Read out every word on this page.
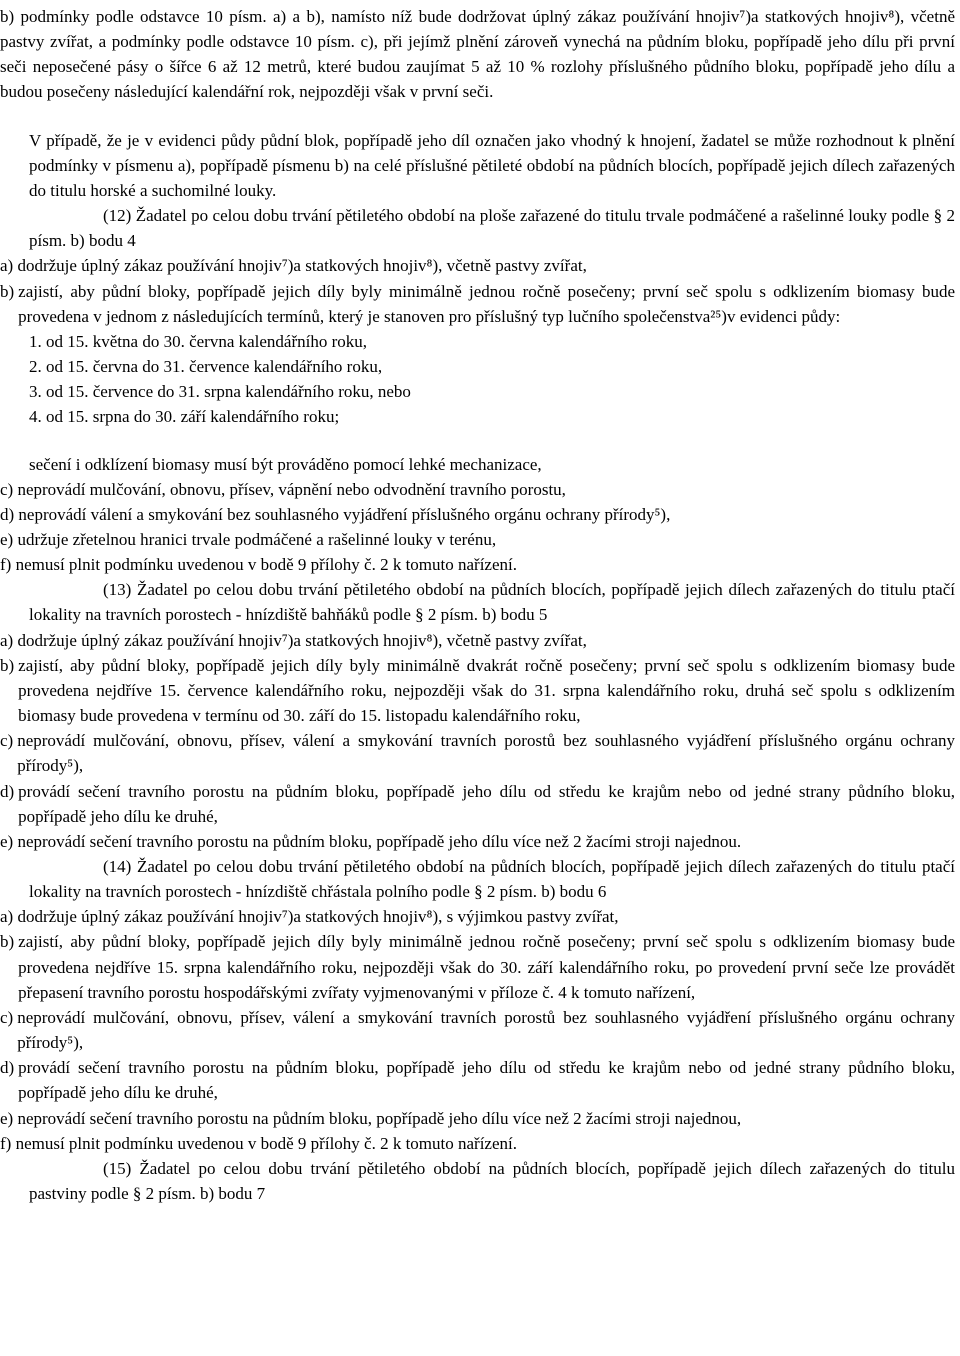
b) podmínky podle odstavce 10 písm. a) a b), namísto níž bude dodržovat úplný zákaz používání hnojiv⁷)a statkových hnojiv⁸), včetně pastvy zvířat, a podmínky podle odstavce 10 písm. c), při jejímž plnění zároveň vynechá na půdním bloku, popřípadě jeho dílu při první seči neposečené pásy o šířce 6 až 12 metrů, které budou zaujímat 5 až 10 % rozlohy příslušného půdního bloku, popřípadě jeho dílu a budou posečeny následující kalendářní rok, nejpozději však v první seči.

V případě, že je v evidenci půdy půdní blok, popřípadě jeho díl označen jako vhodný k hnojení, žadatel se může rozhodnout k plnění podmínky v písmenu a), popřípadě písmenu b) na celé příslušné pětileté období na půdních blocích, popřípadě jejich dílech zařazených do titulu horské a suchomilné louky.

(12) Žadatel po celou dobu trvání pětiletého období na ploše zařazené do titulu trvale podmáčené a rašelinné louky podle § 2 písm. b) bodu 4

a) dodržuje úplný zákaz používání hnojiv⁷)a statkových hnojiv⁸), včetně pastvy zvířat,

b) zajistí, aby půdní bloky, popřípadě jejich díly byly minimálně jednou ročně posečeny; první seč spolu s odklizením biomasy bude provedena v jednom z následujících termínů, který je stanoven pro příslušný typ lučního společenstva²⁵)v evidenci půdy:
1. od 15. května do 30. června kalendářního roku,
2. od 15. června do 31. července kalendářního roku,
3. od 15. července do 31. srpna kalendářního roku, nebo
4. od 15. srpna do 30. září kalendářního roku;

sečení i odklízení biomasy musí být prováděno pomocí lehké mechanizace,

c) neprovádí mulčování, obnovu, přísev, vápnění nebo odvodnění travního porostu,

d) neprovádí válení a smykování bez souhlasného vyjádření příslušného orgánu ochrany přírody⁵),

e) udržuje zřetelnou hranici trvale podmáčené a rašelinné louky v terénu,

f) nemusí plnit podmínku uvedenou v bodě 9 přílohy č. 2 k tomuto nařízení.

(13) Žadatel po celou dobu trvání pětiletého období na půdních blocích, popřípadě jejich dílech zařazených do titulu ptačí lokality na travních porostech - hnízdiště bahňáků podle § 2 písm. b) bodu 5

a) dodržuje úplný zákaz používání hnojiv⁷)a statkových hnojiv⁸), včetně pastvy zvířat,

b) zajistí, aby půdní bloky, popřípadě jejich díly byly minimálně dvakrát ročně posečeny; první seč spolu s odklizením biomasy bude provedena nejdříve 15. července kalendářního roku, nejpozději však do 31. srpna kalendářního roku, druhá seč spolu s odklizením biomasy bude provedena v termínu od 30. září do 15. listopadu kalendářního roku,
c) neprovádí mulčování, obnovu, přísev, válení a smykování travních porostů bez souhlasného vyjádření příslušného orgánu ochrany přírody⁵),
d) provádí sečení travního porostu na půdním bloku, popřípadě jeho dílu od středu ke krajům nebo od jedné strany půdního bloku, popřípadě jeho dílu ke druhé,

e) neprovádí sečení travního porostu na půdním bloku, popřípadě jeho dílu více než 2 žacími stroji najednou.

(14) Žadatel po celou dobu trvání pětiletého období na půdních blocích, popřípadě jejich dílech zařazených do titulu ptačí lokality na travních porostech - hnízdiště chřástala polního podle § 2 písm. b) bodu 6

a) dodržuje úplný zákaz používání hnojiv⁷)a statkových hnojiv⁸), s výjimkou pastvy zvířat,

b) zajistí, aby půdní bloky, popřípadě jejich díly byly minimálně jednou ročně posečeny; první seč spolu s odklizením biomasy bude provedena nejdříve 15. srpna kalendářního roku, nejpozději však do 30. září kalendářního roku, po provedení první seče lze provádět přepasení travního porostu hospodářskými zvířaty vyjmenovanými v příloze č. 4 k tomuto nařízení,
c) neprovádí mulčování, obnovu, přísev, válení a smykování travních porostů bez souhlasného vyjádření příslušného orgánu ochrany přírody⁵),
d) provádí sečení travního porostu na půdním bloku, popřípadě jeho dílu od středu ke krajům nebo od jedné strany půdního bloku, popřípadě jeho dílu ke druhé,

e) neprovádí sečení travního porostu na půdním bloku, popřípadě jeho dílu více než 2 žacími stroji najednou,

f) nemusí plnit podmínku uvedenou v bodě 9 přílohy č. 2 k tomuto nařízení.

(15) Žadatel po celou dobu trvání pětiletého období na půdních blocích, popřípadě jejich dílech zařazených do titulu pastviny podle § 2 písm. b) bodu 7
